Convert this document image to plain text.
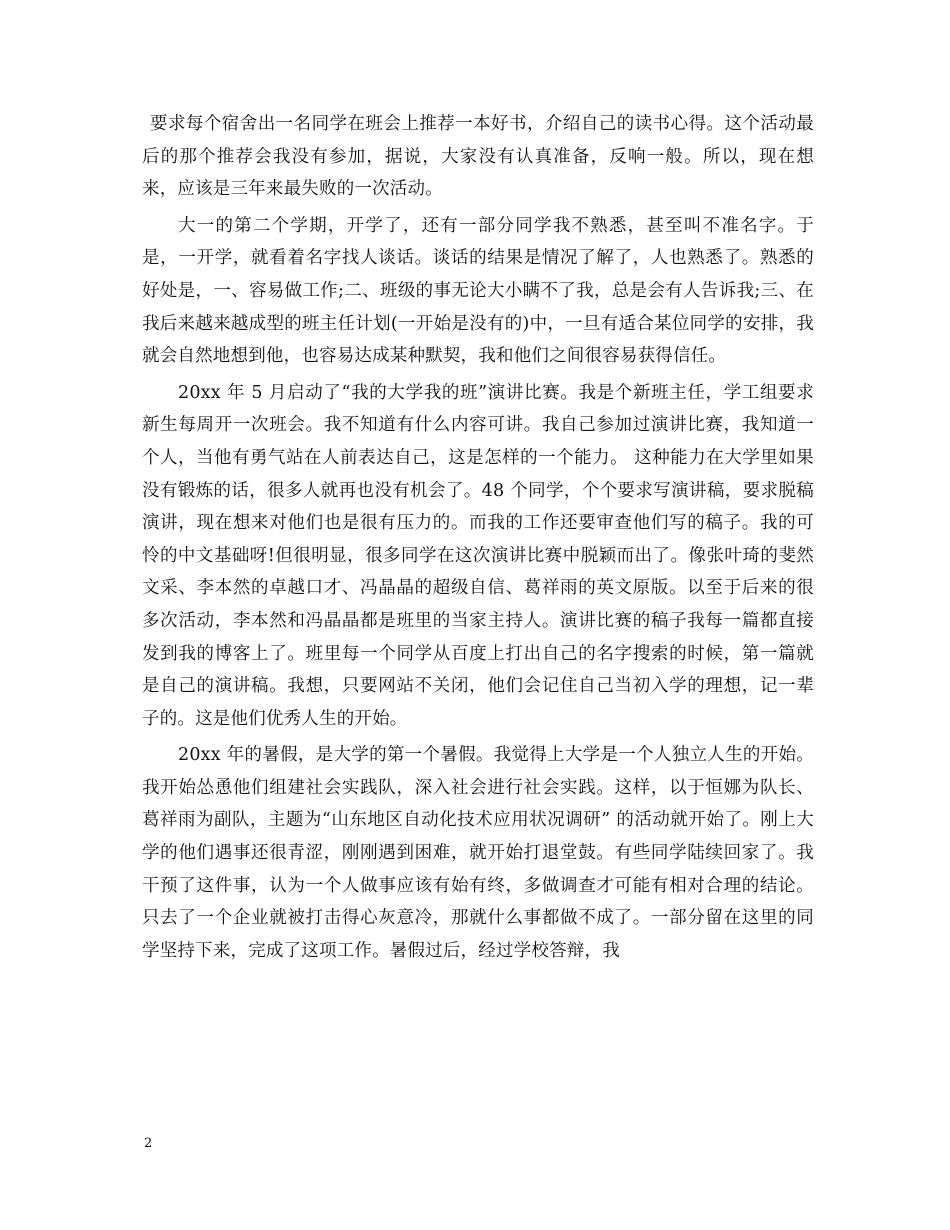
要求每个宿舍出一名同学在班会上推荐一本好书，介绍自己的读书心得。这个活动最后的那个推荐会我没有参加，据说，大家没有认真准备，反响一般。所以，现在想来，应该是三年来最失败的一次活动。

大一的第二个学期，开学了，还有一部分同学我不熟悉，甚至叫不准名字。于是，一开学，就看着名字找人谈话。谈话的结果是情况了解了，人也熟悉了。熟悉的好处是，一、容易做工作;二、班级的事无论大小瞒不了我，总是会有人告诉我;三、在我后来越来越成型的班主任计划(一开始是没有的)中，一旦有适合某位同学的安排，我就会自然地想到他，也容易达成某种默契，我和他们之间很容易获得信任。

20xx 年 5 月启动了“我的大学我的班”演讲比赛。我是个新班主任，学工组要求新生每周开一次班会。我不知道有什么内容可讲。我自己参加过演讲比赛，我知道一个人，当他有勇气站在人前表达自己，这是怎样的一个能力。 这种能力在大学里如果没有锻炼的话，很多人就再也没有机会了。48 个同学，个个要求写演讲稿，要求脱稿演讲，现在想来对他们也是很有压力的。而我的工作还要审查他们写的稿子。我的可怜的中文基础呀!但很明显，很多同学在这次演讲比赛中脱颖而出了。像张叶琦的斐然文采、李本然的卓越口才、冯晶晶的超级自信、葛祥雨的英文原版。以至于后来的很多次活动，李本然和冯晶晶都是班里的当家主持人。演讲比赛的稿子我每一篇都直接发到我的博客上了。班里每一个同学从百度上打出自己的名字搜索的时候，第一篇就是自己的演讲稿。我想，只要网站不关闭，他们会记住自己当初入学的理想，记一辈子的。这是他们优秀人生的开始。

20xx 年的暑假，是大学的第一个暑假。我觉得上大学是一个人独立人生的开始。我开始怂恿他们组建社会实践队，深入社会进行社会实践。这样，以于恒娜为队长、葛祥雨为副队，主题为“山东地区自动化技术应用状况调研” 的活动就开始了。刚上大学的他们遇事还很青涩，刚刚遇到困难，就开始打退堂鼓。有些同学陆续回家了。我干预了这件事，认为一个人做事应该有始有终，多做调查才可能有相对合理的结论。只去了一个企业就被打击得心灰意冷，那就什么事都做不成了。一部分留在这里的同学坚持下来，完成了这项工作。暑假过后，经过学校答辩，我

2
